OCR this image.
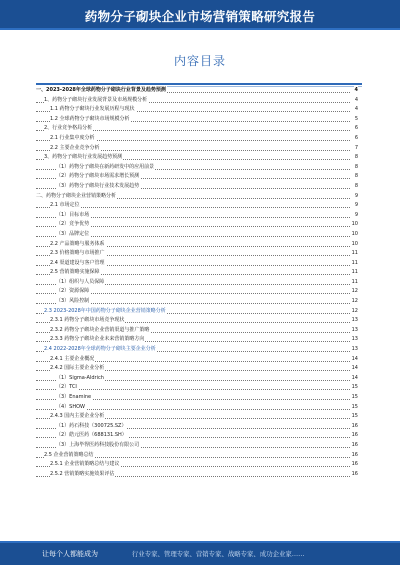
药物分子砌块企业市场营销策略研究报告
内容目录
一、2023-2028年全球药物分子砌块行业背景及趋势预测	4
1、药物分子砌块行业发展背景及市场规模分析	4
1.1 药物分子砌块行业发展历程与现状	4
1.2 全球药物分子砌块市场规模分析	5
2、行业竞争格局分析	6
2.1 行业集中度分析	6
2.2 主要企业竞争分析	7
3、药物分子砌块行业发展趋势预测	8
（1）药物分子砌块在新药研发中的应用前景	8
（2）药物分子砌块市场需求增长预测	8
（3）药物分子砌块行业技术发展趋势	8
二、药物分子砌块企业营销策略分析	9
2.1 市场定位	9
（1）目标市场	9
（2）竞争优势	10
（3）品牌定位	10
2.2 产品策略与服务体系	10
2.3 价格策略与市场推广	11
2.4 渠道建设与客户管理	11
2.5 营销策略实施保障	11
（1）组织与人员保障	11
（2）资源保障	12
（3）风险控制	12
2.3 2023-2028年中国药物分子砌块企业营销策略分析	12
2.3.1 药物分子砌块市场竞争现状	13
2.3.2 药物分子砌块企业营销渠道与推广策略	13
2.3.3 药物分子砌块企业未来营销策略方向	13
2.4 2022-2028年全球药物分子砌块主要企业分析	13
2.4.1 主要企业概况	14
2.4.2 国际主要企业分析	14
（1）Sigma-Aldrich	14
（2）TCI	15
（3）Enamine	15
（4）SHOW	15
2.4.3 国内主要企业分析	15
（1）药石科技（300725.SZ）	16
（2）皓元医药（688131.SH）	16
（3）上海毕得医药科技股份有限公司	16
2.5 企业营销策略总结	16
2.5.1 企业营销策略总结与建议	16
2.5.2 营销策略实施效果评估	16
让每个人都能成为	行业专家、管理专家、营销专家、战略专家、成功企业家……
